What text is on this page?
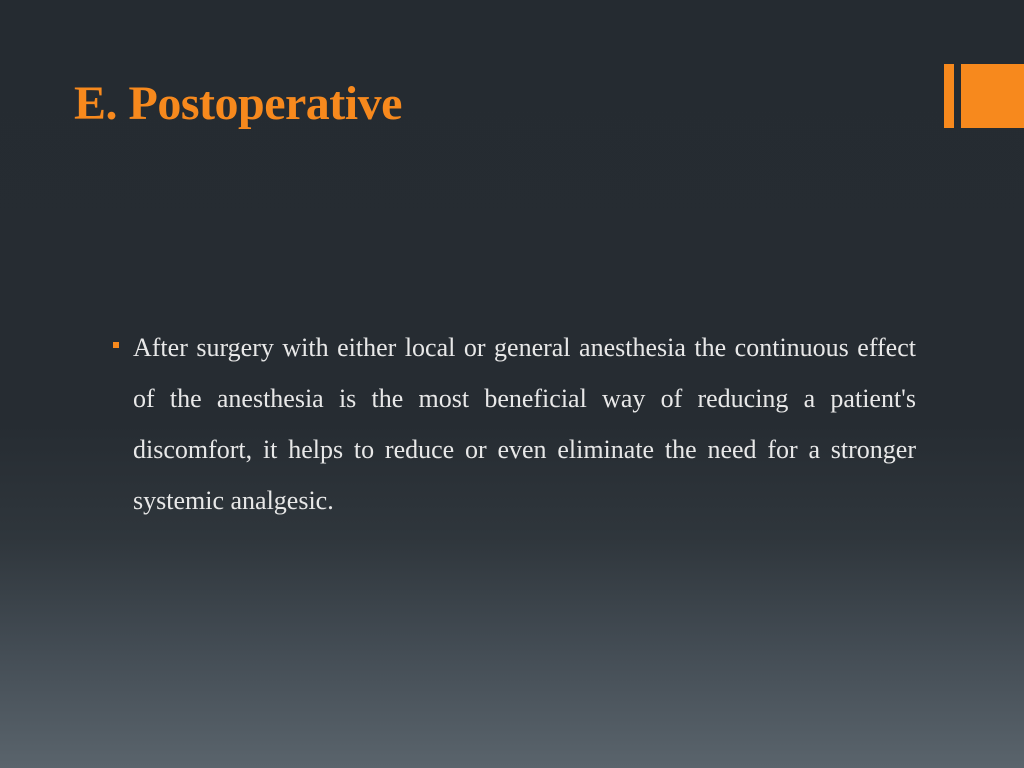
E. Postoperative
After surgery with either local or general anesthesia the continuous effect of the anesthesia is the most beneficial way of reducing a patient's discomfort, it helps to reduce or even eliminate the need for a stronger systemic analgesic.
